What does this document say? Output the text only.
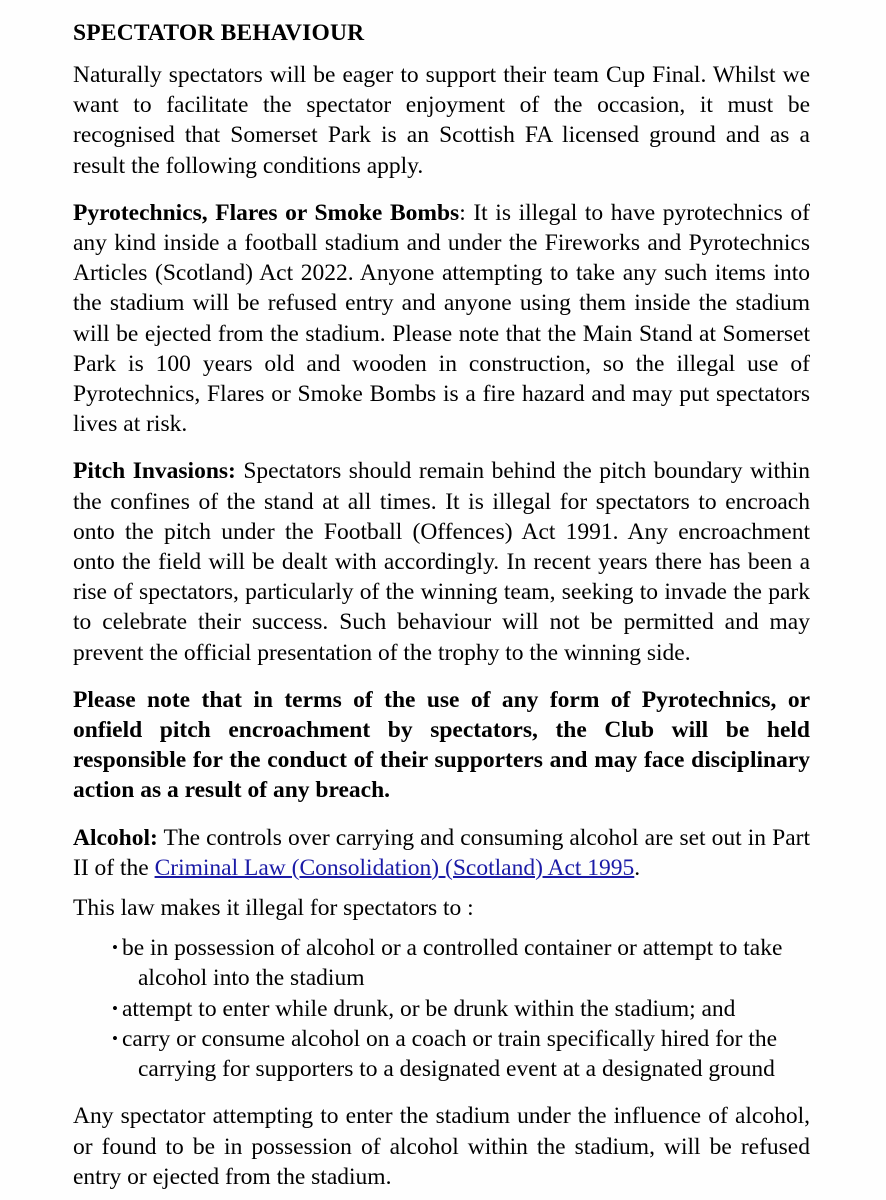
SPECTATOR BEHAVIOUR

Naturally spectators will be eager to support their team Cup Final. Whilst we want to facilitate the spectator enjoyment of the occasion, it must be recognised that Somerset Park is an Scottish FA licensed ground and as a result the following conditions apply.

Pyrotechnics, Flares or Smoke Bombs: It is illegal to have pyrotechnics of any kind inside a football stadium and under the Fireworks and Pyrotechnics Articles (Scotland) Act 2022. Anyone attempting to take any such items into the stadium will be refused entry and anyone using them inside the stadium will be ejected from the stadium. Please note that the Main Stand at Somerset Park is 100 years old and wooden in construction, so the illegal use of Pyrotechnics, Flares or Smoke Bombs is a fire hazard and may put spectators lives at risk.

Pitch Invasions: Spectators should remain behind the pitch boundary within the confines of the stand at all times. It is illegal for spectators to encroach onto the pitch under the Football (Offences) Act 1991. Any encroachment onto the field will be dealt with accordingly. In recent years there has been a rise of spectators, particularly of the winning team, seeking to invade the park to celebrate their success. Such behaviour will not be permitted and may prevent the official presentation of the trophy to the winning side.

Please note that in terms of the use of any form of Pyrotechnics, or onfield pitch encroachment by spectators, the Club will be held responsible for the conduct of their supporters and may face disciplinary action as a result of any breach.

Alcohol: The controls over carrying and consuming alcohol are set out in Part II of the Criminal Law (Consolidation) (Scotland) Act 1995.

This law makes it illegal for spectators to :

• be in possession of alcohol or a controlled container or attempt to take alcohol into the stadium
• attempt to enter while drunk, or be drunk within the stadium; and
• carry or consume alcohol on a coach or train specifically hired for the carrying for supporters to a designated event at a designated ground

Any spectator attempting to enter the stadium under the influence of alcohol, or found to be in possession of alcohol within the stadium, will be refused entry or ejected from the stadium.
